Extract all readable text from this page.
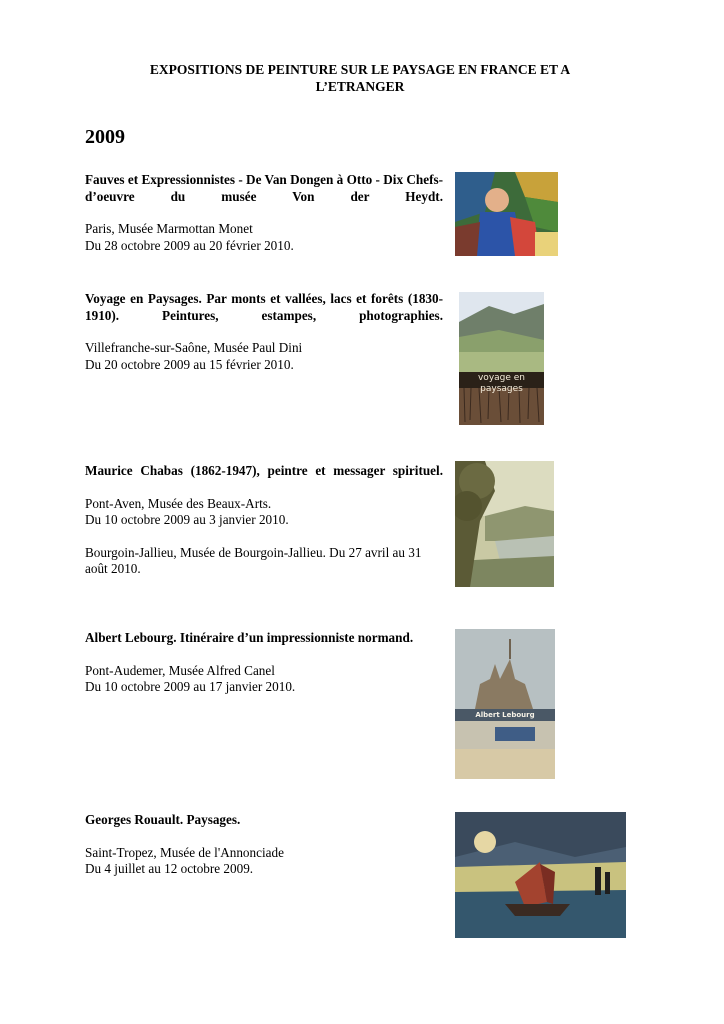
EXPOSITIONS DE PEINTURE SUR LE PAYSAGE EN FRANCE ET A
L’ETRANGER
2009

Fauves et Expressionnistes - De Van Dongen à Otto - Dix Chefs-d’oeuvre du musée Von der Heydt.

Paris, Musée Marmottan Monet

Du 28 octobre 2009 au 20 février 2010.

Voyage en Paysages. Par monts et vallées, lacs et forêts (1830-1910). Peintures, estampes, photographies.

Villefranche-sur-Saône, Musée Paul Dini

Du 20 octobre 2009 au 15 février 2010.

voyage en paysages

Maurice Chabas (1862-1947), peintre et messager spirituel.

Pont-Aven, Musée des Beaux-Arts.

Du 10 octobre 2009 au 3 janvier 2010.

Bourgoin-Jallieu, Musée de Bourgoin-Jallieu. Du 27 avril au 31 août 2010.

Albert Lebourg. Itinéraire d’un impressionniste normand.

Pont-Audemer, Musée Alfred Canel

Du 10 octobre 2009 au 17 janvier 2010.

Albert Lebourg

Georges Rouault. Paysages.

Saint-Tropez, Musée de l'Annonciade

Du 4 juillet au 12 octobre 2009.
